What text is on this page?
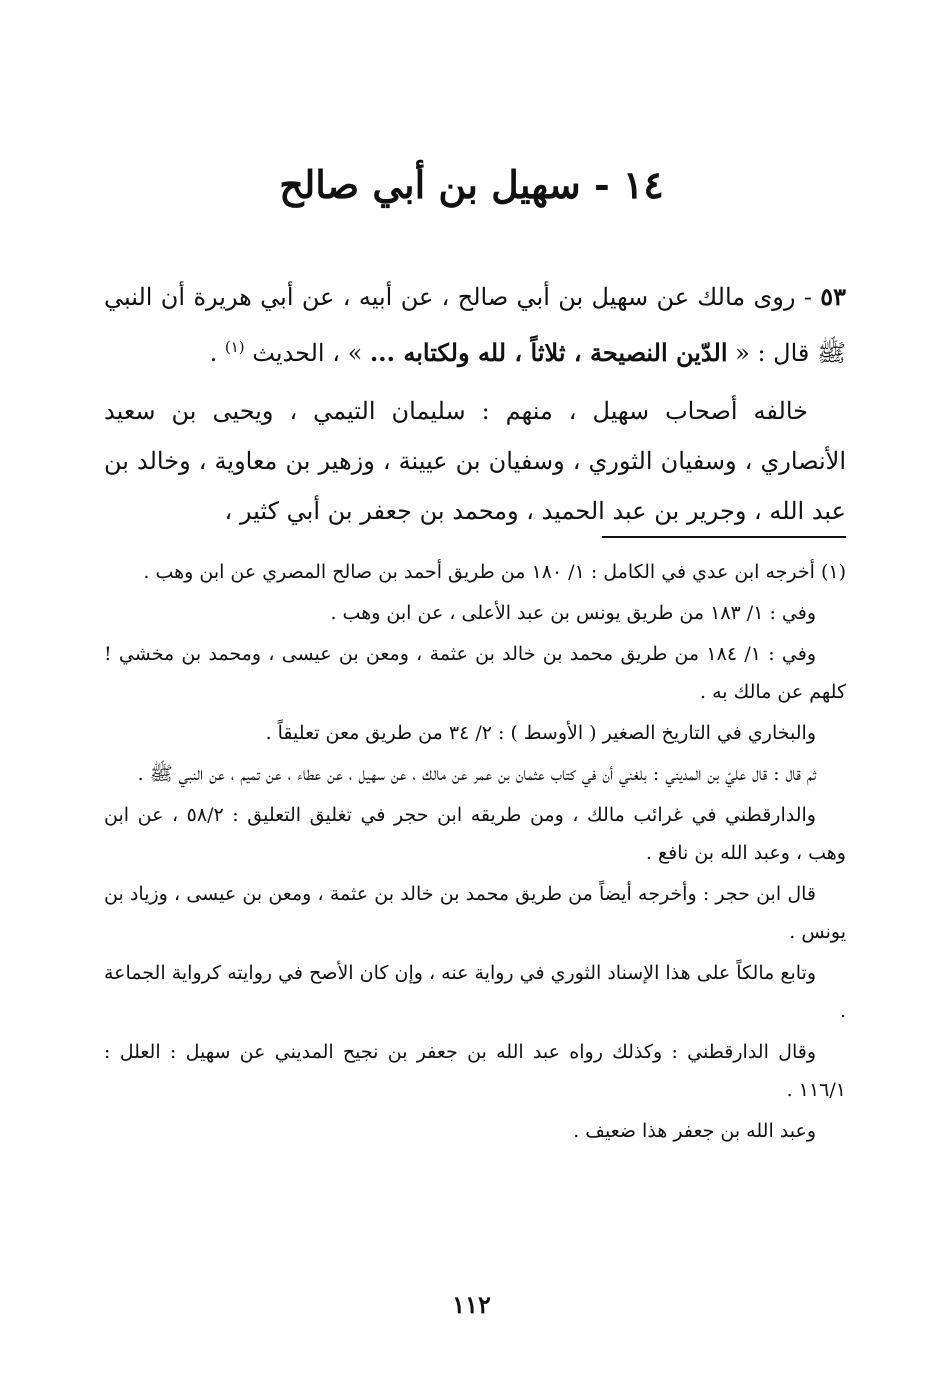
١٤ - سهيل بن أبي صالح

٥٣ - روى مالك عن سهيل بن أبي صالح ، عن أبيه ، عن أبي هريرة أن النبي ﷺ قال : « الدّين النصيحة ، ثلاثاً ، لله ولكتابه ... » ، الحديث $^{(١)}$ .

خالفه أصحاب سهيل ، منهم : سليمان التيمي ، ويحيى بن سعيد الأنصاري ، وسفيان الثوري ، وسفيان بن عيينة ، وزهير بن معاوية ، وخالد بن عبد الله ، وجرير بن عبد الحميد ، ومحمد بن جعفر بن أبي كثير ،

(١) أخرجه ابن عدي في الكامل : ١/ ١٨٠ من طريق أحمد بن صالح المصري عن ابن وهب .

وفي : ١/ ١٨٣ من طريق يونس بن عبد الأعلى ، عن ابن وهب .

وفي : ١/ ١٨٤ من طريق محمد بن خالد بن عثمة ، ومعن بن عيسى ، ومحمد بن مخشي ! كلهم عن مالك به .

والبخاري في التاريخ الصغير ( الأوسط ) : ٢/ ٣٤ من طريق معن تعليقاً .

ثم قال : قال عليّ بن المديني : بلغني أن في كتاب عثمان بن عمر عن مالك ، عن سهيل ، عن عطاء ، عن تميم ، عن النبي ﷺ .

والدارقطني في غرائب مالك ، ومن طريقه ابن حجر في تغليق التعليق : ٥٨/٢ ، عن ابن وهب ، وعبد الله بن نافع .

قال ابن حجر : وأخرجه أيضاً من طريق محمد بن خالد بن عثمة ، ومعن بن عيسى ، وزياد بن يونس .

وتابع مالكاً على هذا الإسناد الثوري في رواية عنه ، وإن كان الأصح في روايته كرواية الجماعة .

وقال الدارقطني : وكذلك رواه عبد الله بن جعفر بن نجيح المديني عن سهيل : العلل : ١١٦/١ .

وعبد الله بن جعفر هذا ضعيف .

١١٢
